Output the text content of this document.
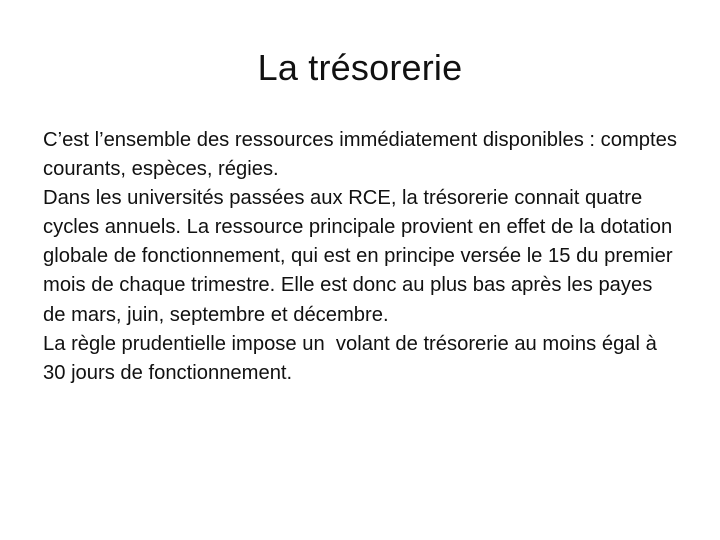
La trésorerie

C’est l’ensemble des ressources immédiatement disponibles : comptes courants, espèces, régies.

Dans les universités passées aux RCE, la trésorerie connait quatre cycles annuels. La ressource principale provient en effet de la dotation globale de fonctionnement, qui est en principe versée le 15 du premier mois de chaque trimestre. Elle est donc au plus bas après les payes de mars, juin, septembre et décembre.

La règle prudentielle impose un  volant de trésorerie au moins égal à 30 jours de fonctionnement.
